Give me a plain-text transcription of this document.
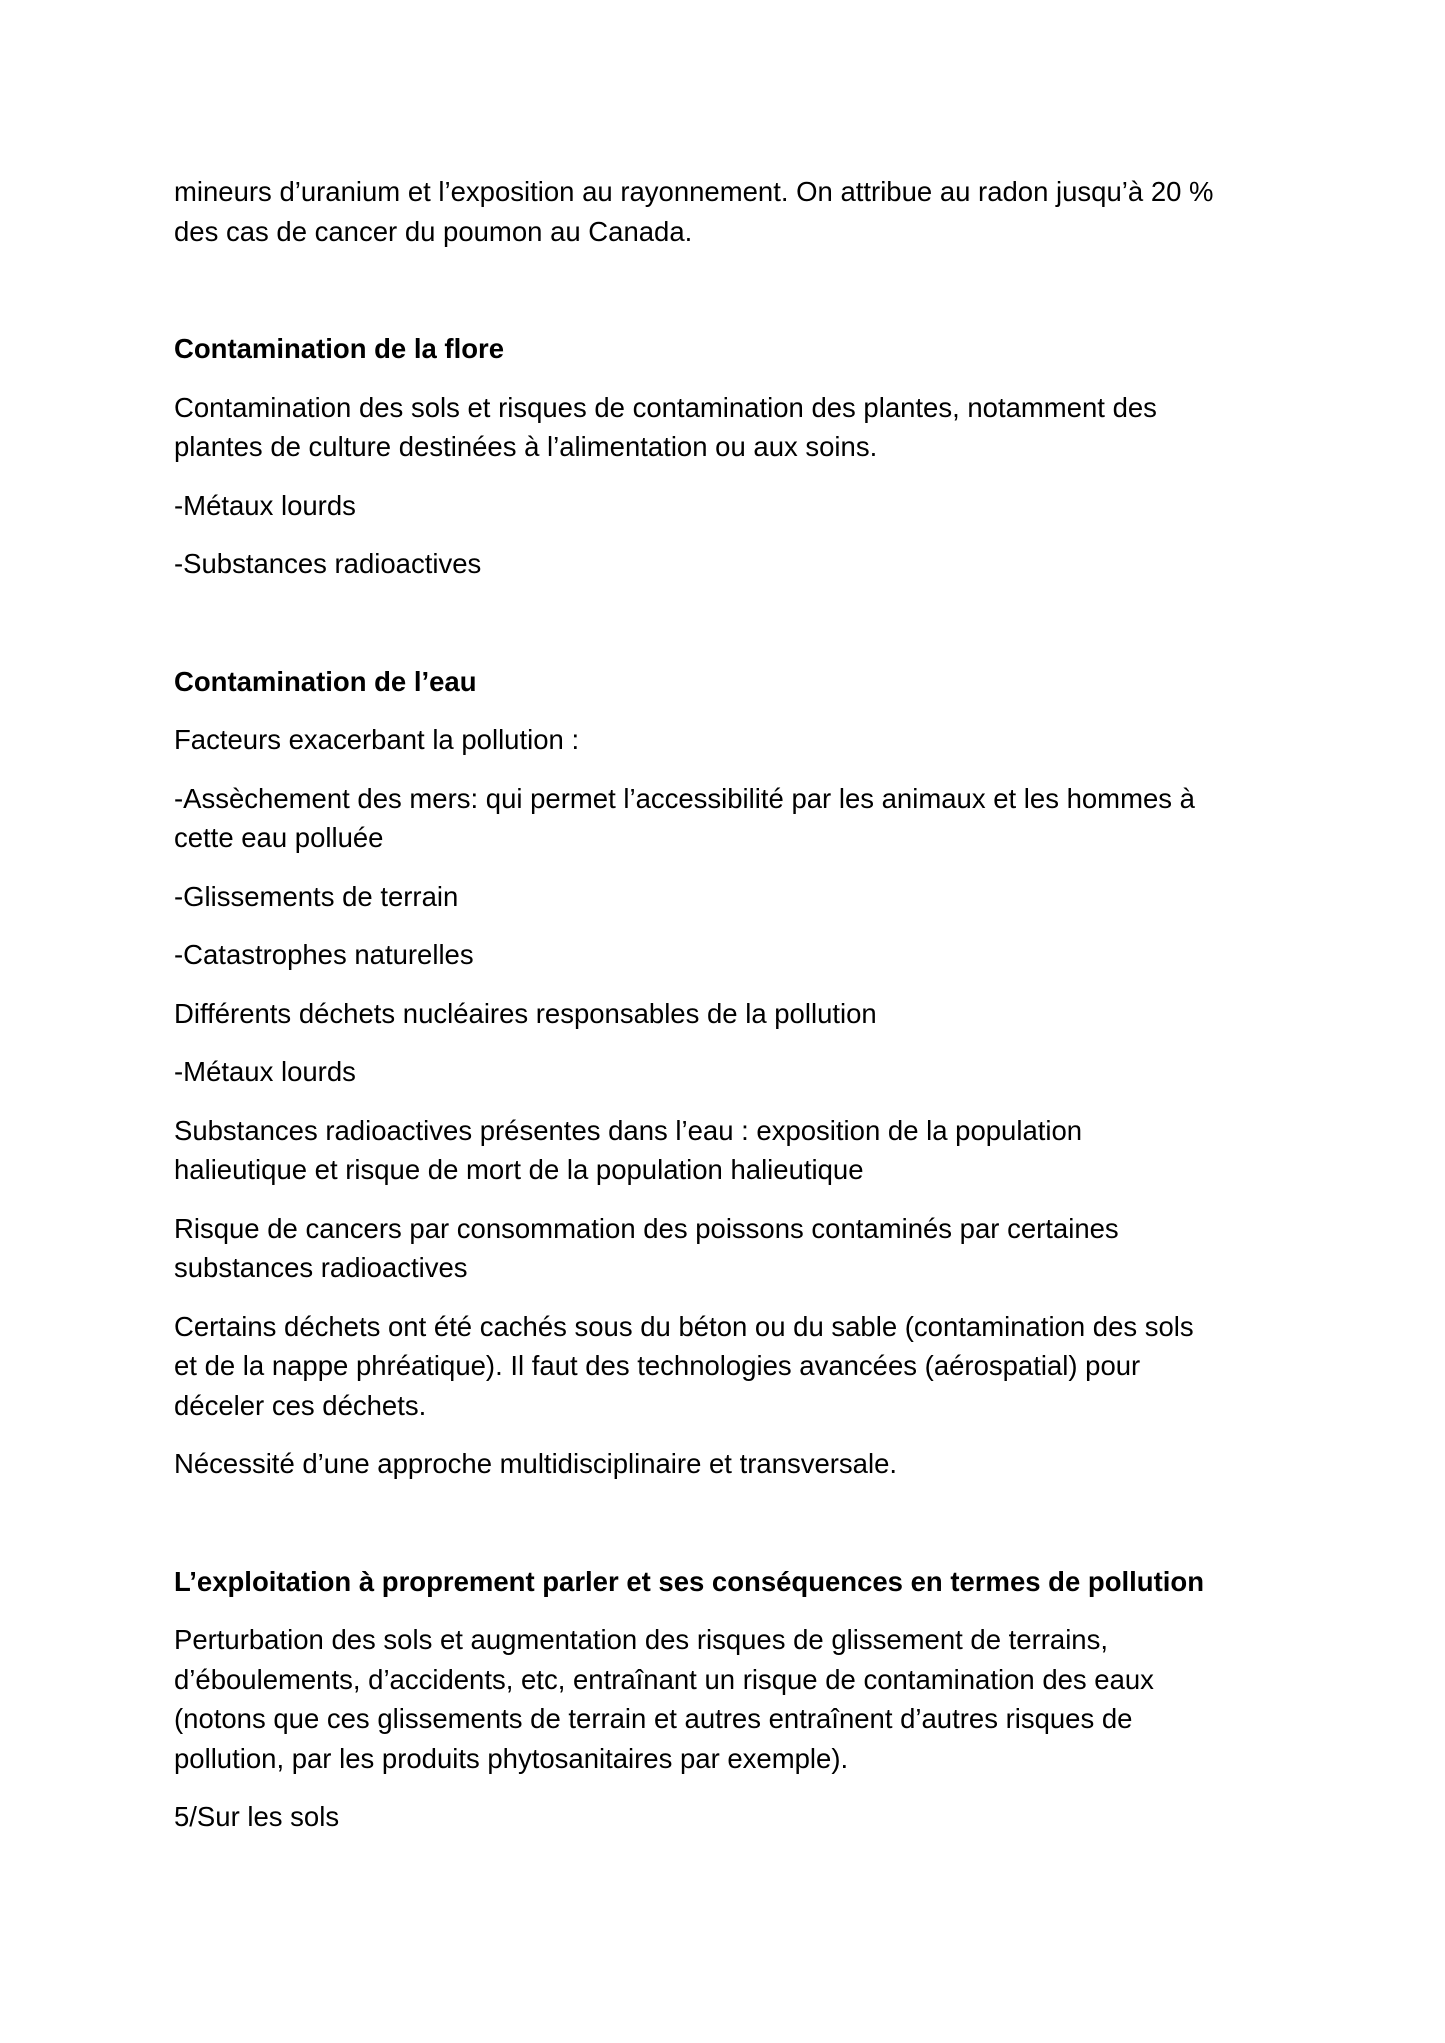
mineurs d’uranium et l’exposition au rayonnement. On attribue au radon jusqu’à 20 %
des cas de cancer du poumon au Canada.

Contamination de la flore

Contamination des sols et risques de contamination des plantes, notamment des
plantes de culture destinées à l’alimentation ou aux soins.

-Métaux lourds

-Substances radioactives

Contamination de l’eau

Facteurs exacerbant la pollution :

-Assèchement des mers: qui permet l’accessibilité par les animaux et les hommes à
cette eau polluée

-Glissements de terrain

-Catastrophes naturelles

Différents déchets nucléaires responsables de la pollution

-Métaux lourds

Substances radioactives présentes dans l’eau : exposition de la population
halieutique et risque de mort de la population halieutique

Risque de cancers par consommation des poissons contaminés par certaines
substances radioactives

Certains déchets ont été cachés sous du béton ou du sable (contamination des sols
et de la nappe phréatique). Il faut des technologies avancées (aérospatial) pour
déceler ces déchets.

Nécessité d’une approche multidisciplinaire et transversale.

L’exploitation à proprement parler et ses conséquences en termes de pollution

Perturbation des sols et augmentation des risques de glissement de terrains,
d’éboulements, d’accidents, etc, entraînant un risque de contamination des eaux
(notons que ces glissements de terrain et autres entraînent d’autres risques de
pollution, par les produits phytosanitaires par exemple).

5/Sur les sols
